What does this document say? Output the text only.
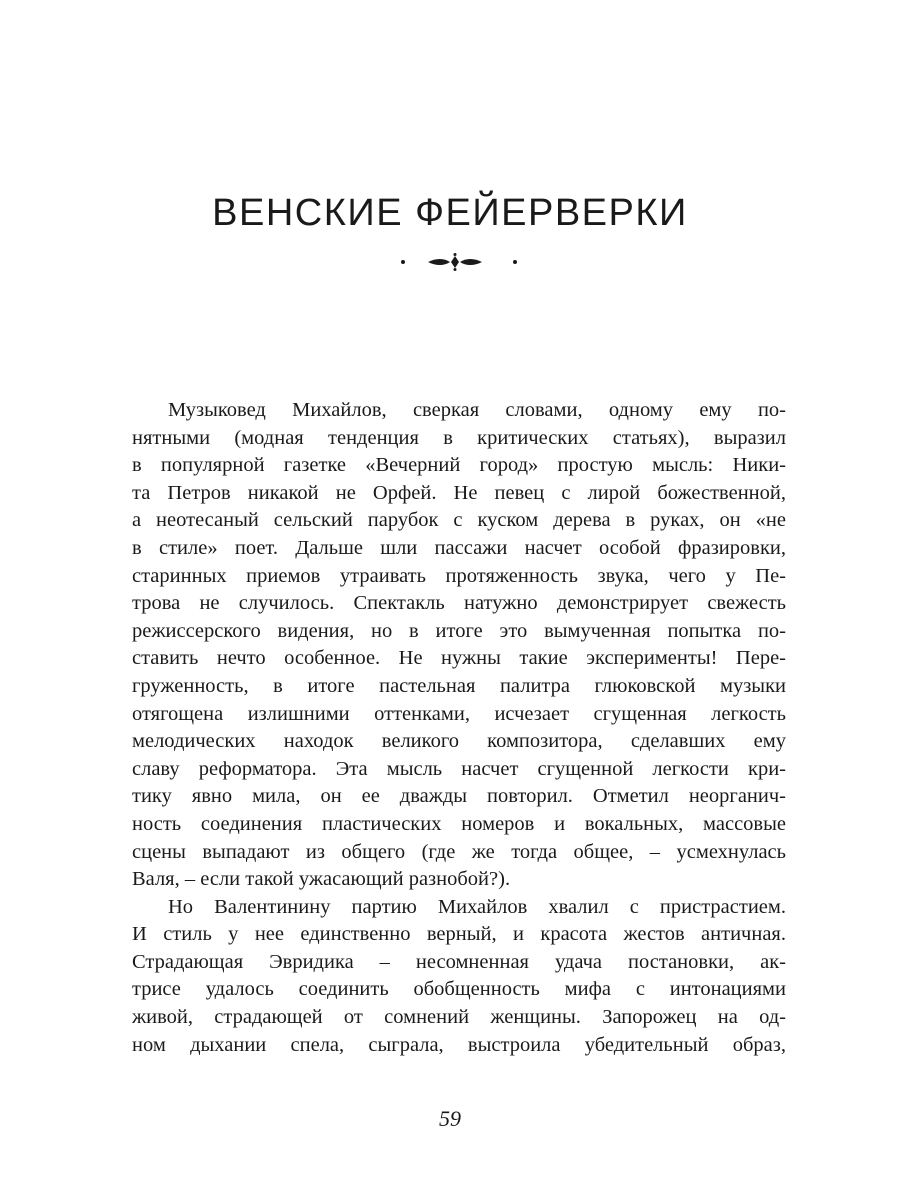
ВЕНСКИЕ ФЕЙЕРВЕРКИ
Музыковед Михайлов, сверкая словами, одному ему по-
нятными (модная тенденция в критических статьях), выразил
в популярной газетке «Вечерний город» простую мысль: Ники-
та Петров никакой не Орфей. Не певец с лирой божественной,
а неотесаный сельский парубок с куском дерева в руках, он «не
в стиле» поет. Дальше шли пассажи насчет особой фразировки,
старинных приемов утраивать протяженность звука, чего у Пе-
трова не случилось. Спектакль натужно демонстрирует свежесть
режиссерского видения, но в итоге это вымученная попытка по-
ставить нечто особенное. Не нужны такие эксперименты! Пере-
груженность, в итоге пастельная палитра глюковской музыки
отягощена излишними оттенками, исчезает сгущенная легкость
мелодических находок великого композитора, сделавших ему
славу реформатора. Эта мысль насчет сгущенной легкости кри-
тику явно мила, он ее дважды повторил. Отметил неорганич-
ность соединения пластических номеров и вокальных, массовые
сцены выпадают из общего (где же тогда общее, – усмехнулась
Валя, – если такой ужасающий разнобой?).
Но Валентинину партию Михайлов хвалил с пристрастием.
И стиль у нее единственно верный, и красота жестов античная.
Страдающая Эвридика – несомненная удача постановки, ак-
трисе удалось соединить обобщенность мифа с интонациями
живой, страдающей от сомнений женщины. Запорожец на од-
ном дыхании спела, сыграла, выстроила убедительный образ,
59
